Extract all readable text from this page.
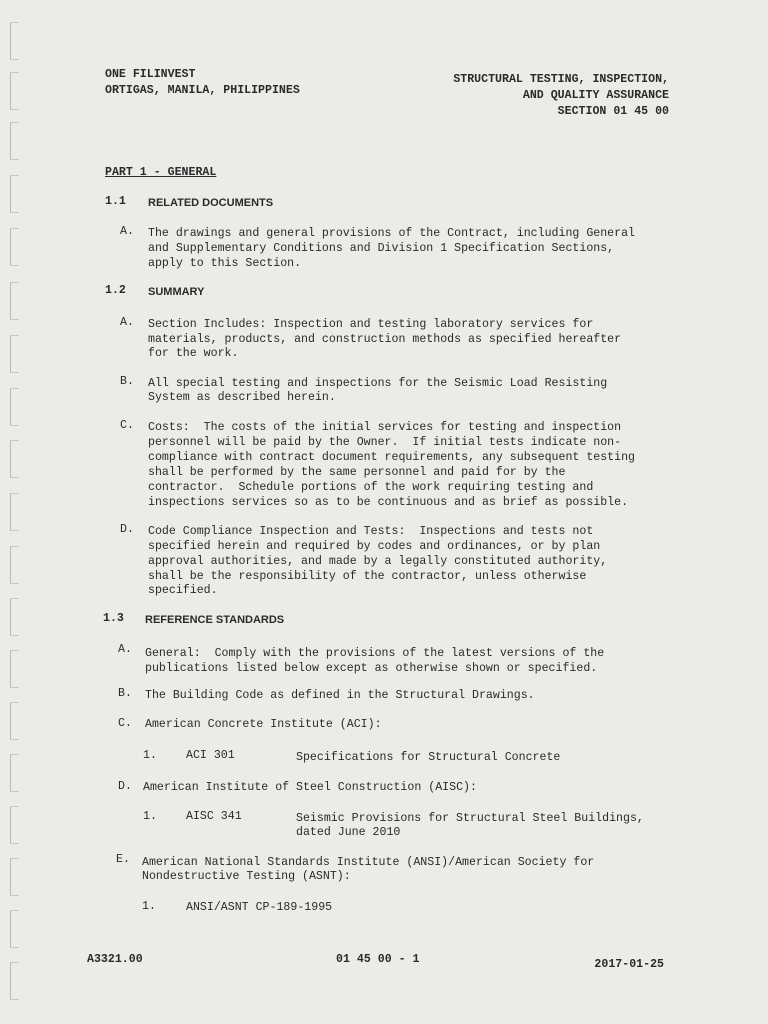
ONE FILINVEST
ORTIGAS, MANILA, PHILIPPINES
STRUCTURAL TESTING, INSPECTION,
AND QUALITY ASSURANCE
SECTION 01 45 00
PART 1 - GENERAL
1.1 RELATED DOCUMENTS
A. The drawings and general provisions of the Contract, including General
and Supplementary Conditions and Division 1 Specification Sections,
apply to this Section.
1.2 SUMMARY
A. Section Includes: Inspection and testing laboratory services for
materials, products, and construction methods as specified hereafter
for the work.
B. All special testing and inspections for the Seismic Load Resisting
System as described herein.
C. Costs:  The costs of the initial services for testing and inspection
personnel will be paid by the Owner.  If initial tests indicate non-
compliance with contract document requirements, any subsequent testing
shall be performed by the same personnel and paid for by the
contractor.  Schedule portions of the work requiring testing and
inspections services so as to be continuous and as brief as possible.
D. Code Compliance Inspection and Tests:  Inspections and tests not
specified herein and required by codes and ordinances, or by plan
approval authorities, and made by a legally constituted authority,
shall be the responsibility of the contractor, unless otherwise
specified.
1.3 REFERENCE STANDARDS
A. General:  Comply with the provisions of the latest versions of the
publications listed below except as otherwise shown or specified.
B. The Building Code as defined in the Structural Drawings.
C. American Concrete Institute (ACI):
1.	ACI 301	Specifications for Structural Concrete
D. American Institute of Steel Construction (AISC):
1.	AISC 341	Seismic Provisions for Structural Steel Buildings,
dated June 2010
E. American National Standards Institute (ANSI)/American Society for
Nondestructive Testing (ASNT):
1.	ANSI/ASNT CP-189-1995
A3321.00	01 45 00 - 1	2017-01-25
